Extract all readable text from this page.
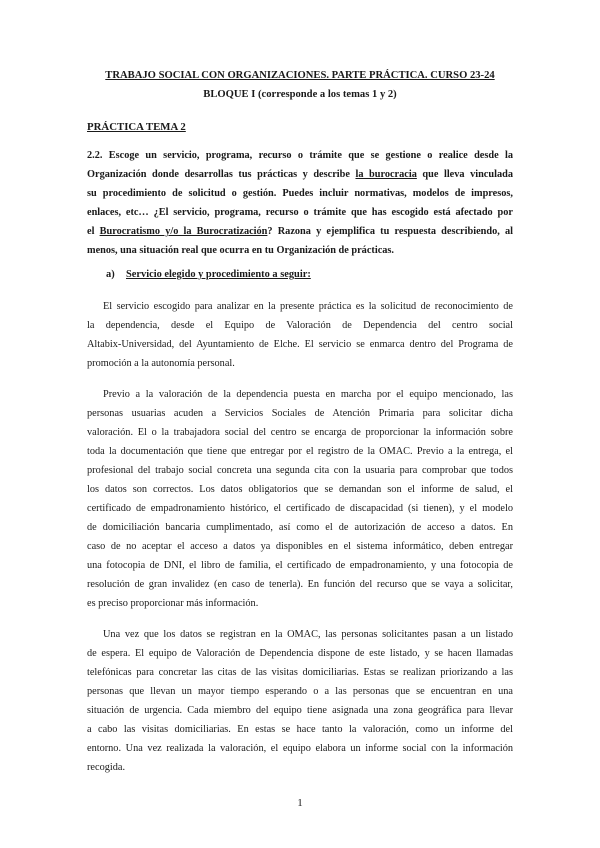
TRABAJO SOCIAL CON ORGANIZACIONES. PARTE PRÁCTICA. CURSO 23-24
BLOQUE I (corresponde a los temas 1 y 2)
PRÁCTICA TEMA 2
2.2. Escoge un servicio, programa, recurso o trámite que se gestione o realice desde la
Organización donde desarrollas tus prácticas y describe la burocracia que lleva vinculada
su procedimiento de solicitud o gestión. Puedes incluir normativas, modelos de impresos,
enlaces, etc… ¿El servicio, programa, recurso o trámite que has escogido está afectado por
el Burocratismo y/o la Burocratización? Razona y ejemplifica tu respuesta describiendo, al
menos, una situación real que ocurra en tu Organización de prácticas.
a) Servicio elegido y procedimiento a seguir:
El servicio escogido para analizar en la presente práctica es la solicitud de reconocimiento de
la dependencia, desde el Equipo de Valoración de Dependencia del centro social
Altabix-Universidad, del Ayuntamiento de Elche. El servicio se enmarca dentro del Programa de
promoción a la autonomía personal.
Previo a la valoración de la dependencia puesta en marcha por el equipo mencionado, las
personas usuarias acuden a Servicios Sociales de Atención Primaria para solicitar dicha
valoración. El o la trabajadora social del centro se encarga de proporcionar la información sobre
toda la documentación que tiene que entregar por el registro de la OMAC. Previo a la entrega, el
profesional del trabajo social concreta una segunda cita con la usuaria para comprobar que todos
los datos son correctos. Los datos obligatorios que se demandan son el informe de salud, el
certificado de empadronamiento histórico, el certificado de discapacidad (si tienen), y el modelo
de domiciliación bancaria cumplimentado, así como el de autorización de acceso a datos. En
caso de no aceptar el acceso a datos ya disponibles en el sistema informático, deben entregar
una fotocopia de DNI, el libro de familia, el certificado de empadronamiento, y una fotocopia de
resolución de gran invalidez (en caso de tenerla). En función del recurso que se vaya a solicitar,
es preciso proporcionar más información.
Una vez que los datos se registran en la OMAC, las personas solicitantes pasan a un listado
de espera. El equipo de Valoración de Dependencia dispone de este listado, y se hacen llamadas
telefónicas para concretar las citas de las visitas domiciliarias. Estas se realizan priorizando a las
personas que llevan un mayor tiempo esperando o a las personas que se encuentran en una
situación de urgencia. Cada miembro del equipo tiene asignada una zona geográfica para llevar
a cabo las visitas domiciliarias. En estas se hace tanto la valoración, como un informe del
entorno. Una vez realizada la valoración, el equipo elabora un informe social con la información
recogida.
1
